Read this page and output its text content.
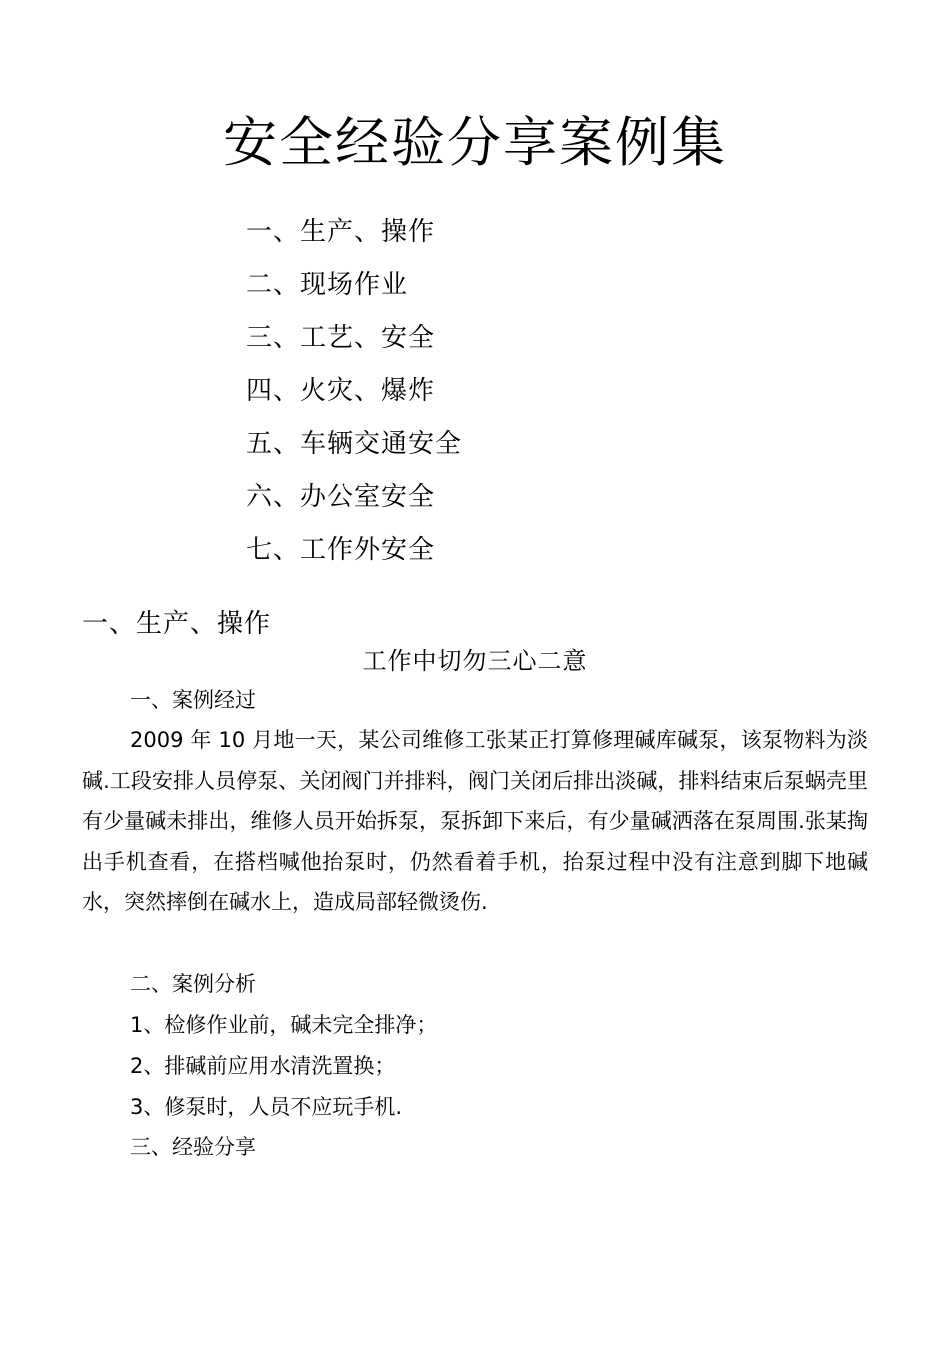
安全经验分享案例集
一、生产、操作
二、现场作业
三、工艺、安全
四、火灾、爆炸
五、车辆交通安全
六、办公室安全
七、工作外安全
一、生产、操作
工作中切勿三心二意

一、案例经过

2009 年 10 月地一天，某公司维修工张某正打算修理碱库碱泵，该泵物料为淡碱.工段安排人员停泵、关闭阀门并排料，阀门关闭后排出淡碱，排料结束后泵蜗壳里有少量碱未排出，维修人员开始拆泵，泵拆卸下来后，有少量碱洒落在泵周围.张某掏出手机查看，在搭档喊他抬泵时，仍然看着手机，抬泵过程中没有注意到脚下地碱水，突然摔倒在碱水上，造成局部轻微烫伤.

二、案例分析

1、检修作业前，碱未完全排净；

2、排碱前应用水清洗置换；

3、修泵时，人员不应玩手机.

三、经验分享
